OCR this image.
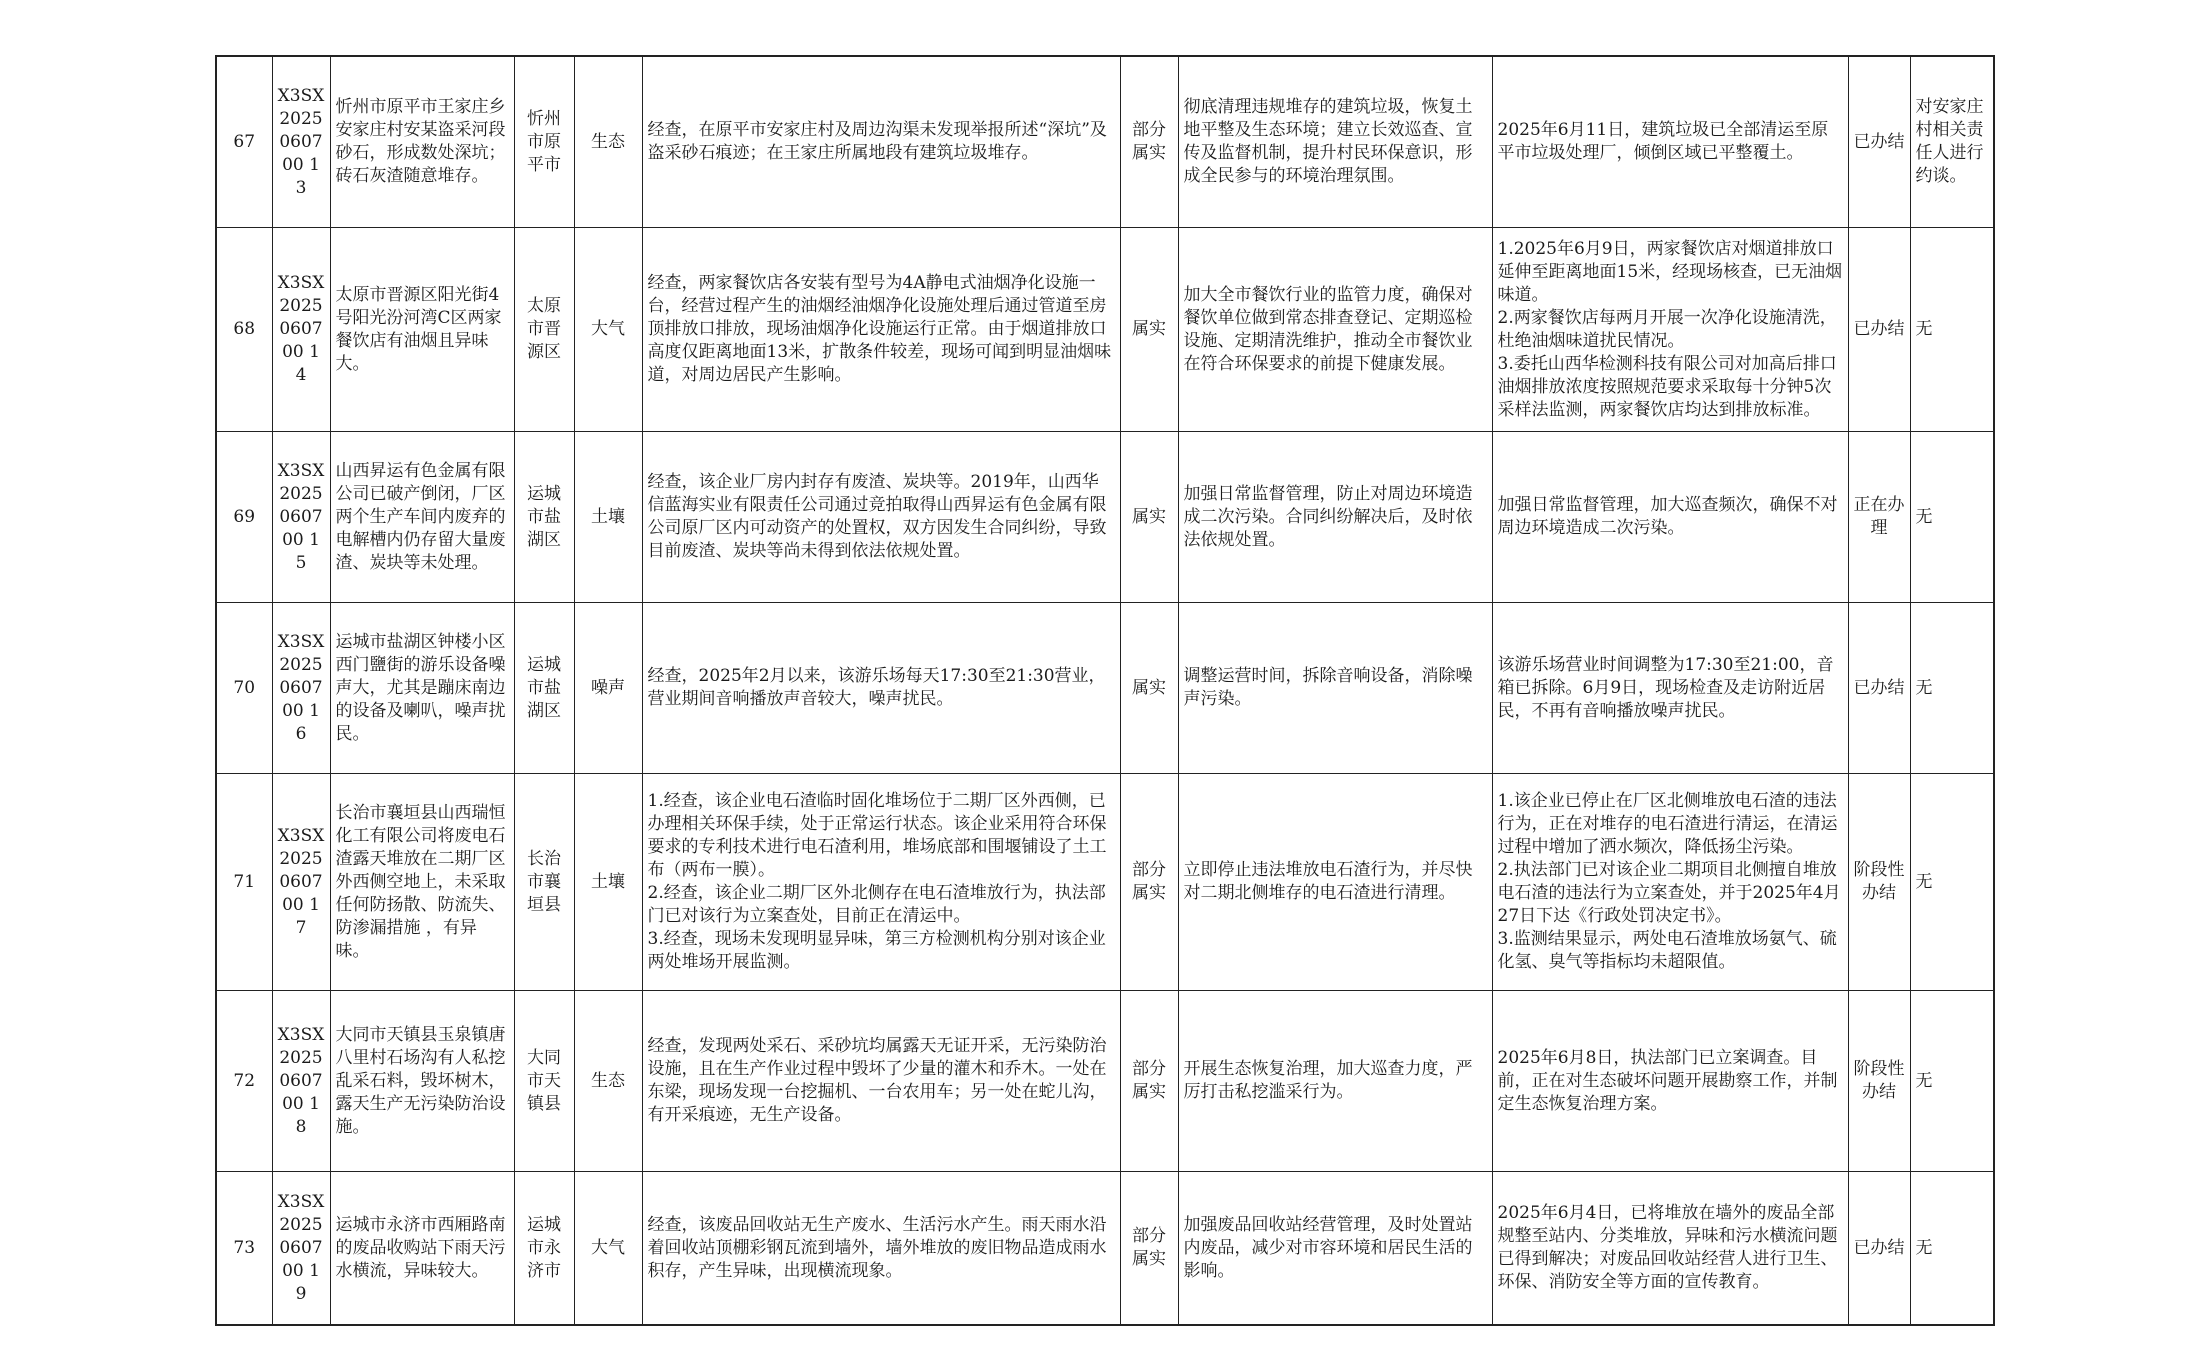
67	X3SX2025060700 13	忻州市原平市王家庄乡安家庄村安某盗采河段砂石，形成数处深坑；砖石灰渣随意堆存。	忻州市原平市	生态	经查，在原平市安家庄村及周边沟渠未发现举报所述“深坑”及盗采砂石痕迹；在王家庄所属地段有建筑垃圾堆存。	部分属实	彻底清理违规堆存的建筑垃圾，恢复土地平整及生态环境；建立长效巡查、宣传及监督机制，提升村民环保意识，形成全民参与的环境治理氛围。	2025年6月11日，建筑垃圾已全部清运至原平市垃圾处理厂，倾倒区域已平整覆土。	已办结	对安家庄村相关责任人进行约谈。
68	X3SX2025060700 14	太原市晋源区阳光街4号阳光汾河湾C区两家餐饮店有油烟且异味大。	太原市晋源区	大气	经查，两家餐饮店各安装有型号为4A静电式油烟净化设施一台，经营过程产生的油烟经油烟净化设施处理后通过管道至房顶排放口排放，现场油烟净化设施运行正常。由于烟道排放口高度仅距离地面13米，扩散条件较差，现场可闻到明显油烟味道，对周边居民产生影响。	属实	加大全市餐饮行业的监管力度，确保对餐饮单位做到常态排查登记、定期巡检设施、定期清洗维护，推动全市餐饮业在符合环保要求的前提下健康发展。	1.2025年6月9日，两家餐饮店对烟道排放口延伸至距离地面15米，经现场核查，已无油烟味道。
2.两家餐饮店每两月开展一次净化设施清洗，杜绝油烟味道扰民情况。
3.委托山西华检测科技有限公司对加高后排口油烟排放浓度按照规范要求采取每十分钟5次采样法监测，两家餐饮店均达到排放标准。	已办结	无
69	X3SX2025060700 15	山西昇运有色金属有限公司已破产倒闭，厂区两个生产车间内废弃的电解槽内仍存留大量废渣、炭块等未处理。	运城市盐湖区	土壤	经查，该企业厂房内封存有废渣、炭块等。2019年，山西华信蓝海实业有限责任公司通过竞拍取得山西昇运有色金属有限公司原厂区内可动资产的处置权，双方因发生合同纠纷，导致目前废渣、炭块等尚未得到依法依规处置。	属实	加强日常监督管理，防止对周边环境造成二次污染。合同纠纷解决后，及时依法依规处置。	加强日常监督管理，加大巡查频次，确保不对周边环境造成二次污染。	正在办理	无
70	X3SX2025060700 16	运城市盐湖区钟楼小区西门鹽街的游乐设备噪声大，尤其是蹦床南边的设备及喇叭，噪声扰民。	运城市盐湖区	噪声	经查，2025年2月以来，该游乐场每天17:30至21:30营业，营业期间音响播放声音较大，噪声扰民。	属实	调整运营时间，拆除音响设备，消除噪声污染。	该游乐场营业时间调整为17:30至21:00，音箱已拆除。6月9日，现场检查及走访附近居民，不再有音响播放噪声扰民。	已办结	无
71	X3SX2025060700 17	长治市襄垣县山西瑞恒化工有限公司将废电石渣露天堆放在二期厂区外西侧空地上，未采取任何防扬散、防流失、防渗漏措施 ，有异味。	长治市襄垣县	土壤	1.经查，该企业电石渣临时固化堆场位于二期厂区外西侧，已办理相关环保手续，处于正常运行状态。该企业采用符合环保要求的专利技术进行电石渣利用，堆场底部和围堰铺设了土工布（两布一膜）。
2.经查，该企业二期厂区外北侧存在电石渣堆放行为，执法部门已对该行为立案查处，目前正在清运中。
3.经查，现场未发现明显异味，第三方检测机构分别对该企业两处堆场开展监测。	部分属实	立即停止违法堆放电石渣行为，并尽快对二期北侧堆存的电石渣进行清理。	1.该企业已停止在厂区北侧堆放电石渣的违法行为，正在对堆存的电石渣进行清运，在清运过程中增加了洒水频次，降低扬尘污染。
2.执法部门已对该企业二期项目北侧擅自堆放电石渣的违法行为立案查处，并于2025年4月27日下达《行政处罚决定书》。
3.监测结果显示，两处电石渣堆放场氨气、硫化氢、臭气等指标均未超限值。	阶段性办结	无
72	X3SX2025060700 18	大同市天镇县玉泉镇唐八里村石场沟有人私挖乱采石料，毁坏树木，露天生产无污染防治设施。	大同市天镇县	生态	经查，发现两处采石、采砂坑均属露天无证开采，无污染防治设施，且在生产作业过程中毁坏了少量的灌木和乔木。一处在东梁，现场发现一台挖掘机、一台农用车；另一处在蛇儿沟，有开采痕迹，无生产设备。	部分属实	开展生态恢复治理，加大巡查力度，严厉打击私挖滥采行为。	2025年6月8日，执法部门已立案调查。目前，正在对生态破坏问题开展勘察工作，并制定生态恢复治理方案。	阶段性办结	无
73	X3SX2025060700 19	运城市永济市西厢路南的废品收购站下雨天污水横流，异味较大。	运城市永济市	大气	经查，该废品回收站无生产废水、生活污水产生。雨天雨水沿着回收站顶棚彩钢瓦流到墙外，墙外堆放的废旧物品造成雨水积存，产生异味，出现横流现象。	部分属实	加强废品回收站经营管理，及时处置站内废品，减少对市容环境和居民生活的影响。	2025年6月4日，已将堆放在墙外的废品全部规整至站内、分类堆放，异味和污水横流问题已得到解决；对废品回收站经营人进行卫生、环保、消防安全等方面的宣传教育。	已办结	无
